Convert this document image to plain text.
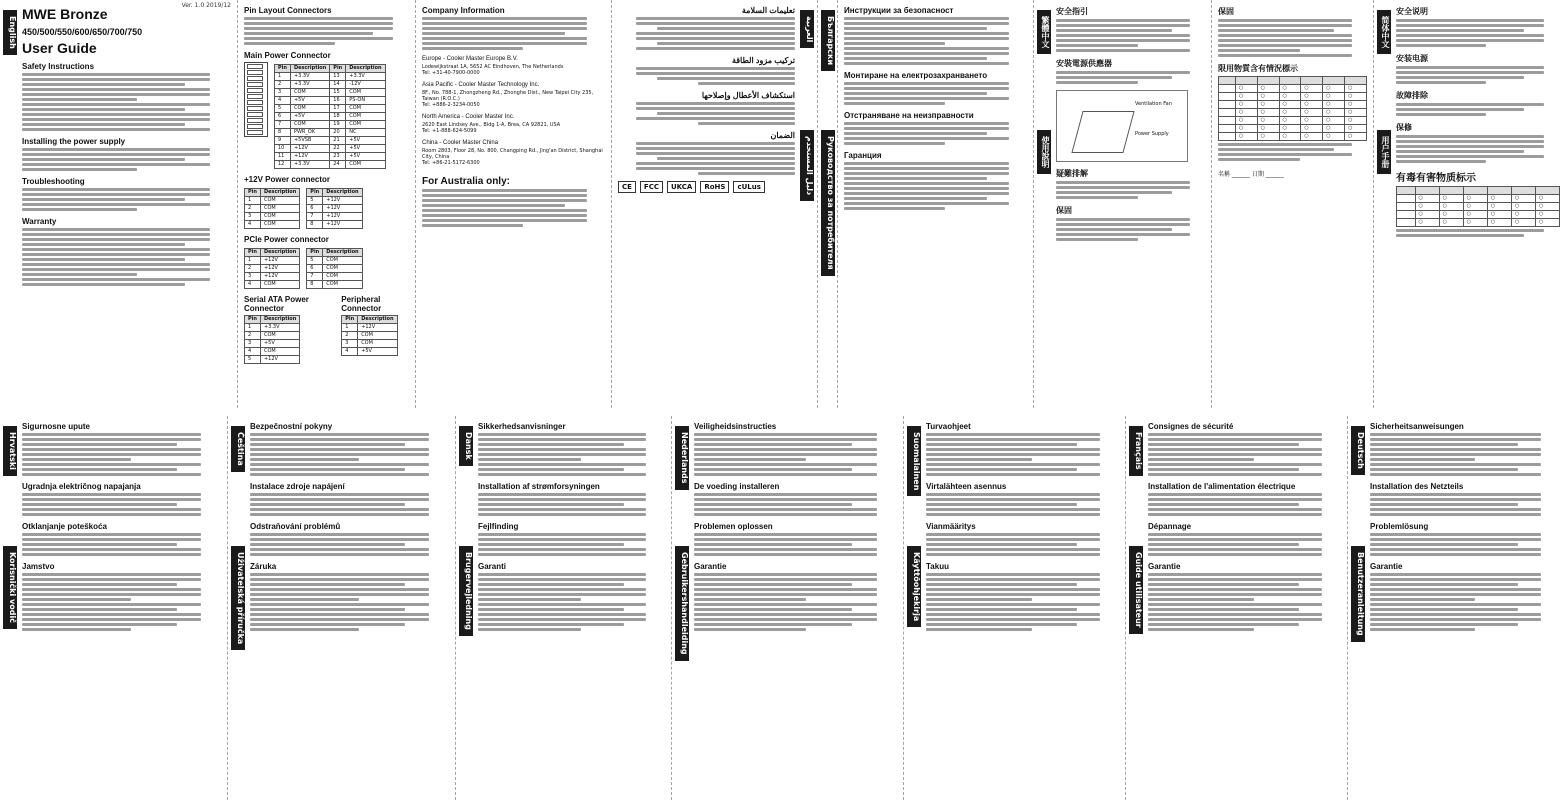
English
Ver. 1.0 2019/12
MWE Bronze 450/500/550/600/650/700/750
User Guide
Safety Instructions
Installing the power supply
Troubleshooting
Warranty
Pin Layout Connectors
Main Power Connector
Pin	Description	Pin	Description
1	+3.3V	13	+3.3V
2	+3.3V	14	-12V
3	COM	15	COM
4	+5V	16	PS-ON
5	COM	17	COM
6	+5V	18	COM
7	COM	19	COM
8	PWR_OK	20	NC
9	+5VSB	21	+5V
10	+12V	22	+5V
11	+12V	23	+5V
12	+3.3V	24	COM
+12V Power connector
Pin	Description
1	COM
2	COM
3	COM
4	COM
Pin	Description
5	+12V
6	+12V
7	+12V
8	+12V
PCIe Power connector
Pin	Description
1	+12V
2	+12V
3	+12V
4	COM
Pin	Description
5	COM
6	COM
7	COM
8	COM
Serial ATA Power Connector
Pin	Description
1	+3.3V
2	COM
3	+5V
4	COM
5	+12V
Peripheral Connector
Pin	Description
1	+12V
2	COM
3	COM
4	+5V
Company Information
Europe - Cooler Master Europe B.V.
Lodewijkstraat 1A, 5652 AC Eindhoven, The Netherlands
Tel: +31-40-7900-0000
Asia Pacific - Cooler Master Technology Inc.
8F., No. 788-1, Zhongzheng Rd., Zhonghe Dist., New Taipei City 235, Taiwan (R.O.C.)
Tel: +886-2-3234-0050
North America - Cooler Master Inc.
2620 East Lindsey Ave., Bldg 1-A, Brea, CA 92821, USA
Tel: +1-888-624-5099
China - Cooler Master China
Room 2803, Floor 28, No. 800, Changping Rd., Jing'an District, Shanghai City, China
Tel: +86-21-5172-6300
For Australia only:
تعليمات السلامة
تركيب مزود الطاقة
استكشاف الأعطال وإصلاحها
الضمان
CE	FCC	UKCA	RoHS	cULus
العربية
دليل المستخدم
Български
Руководство за потребителя
Инструкции за безопасност
Монтиране на електрозахранването
Отстраняване на неизправности
Гаранция
繁體中文
使用說明
安全指引
安裝電源供應器
Ventilation Fan
Power Supply
疑難排解
保固
保固
限用物質含有情況標示

	○	○	○	○	○	○
	○	○	○	○	○	○
	○	○	○	○	○	○
	○	○	○	○	○	○
	○	○	○	○	○	○
	○	○	○	○	○	○
	○	○	○	○	○	○
名稱 ______ 日期 ______
简体中文
用户手册
安全说明
安装电源
故障排除
保修
有毒有害物质标示

	○	○	○	○	○	○
	○	○	○	○	○	○
	○	○	○	○	○	○
	○	○	○	○	○	○
Hrvatski
Korisnički vodič
Sigurnosne upute
Ugradnja električnog napajanja
Otklanjanje poteškoća
Jamstvo
Čeština
Uživatelská příručka
Bezpečnostní pokyny
Instalace zdroje napájení
Odstraňování problémů
Záruka
Dansk
Brugervejledning
Sikkerhedsanvisninger
Installation af strømforsyningen
Fejlfinding
Garanti
Nederlands
Gebruikershandleiding
Veiligheidsinstructies
De voeding installeren
Problemen oplossen
Garantie
Suomalainen
Käyttöohjekirja
Turvaohjeet
Virtalähteen asennus
Vianmääritys
Takuu
Français
Guide utilisateur
Consignes de sécurité
Installation de l'alimentation électrique
Dépannage
Garantie
Deutsch
Benutzeranleitung
Sicherheitsanweisungen
Installation des Netzteils
Problemlösung
Garantie
